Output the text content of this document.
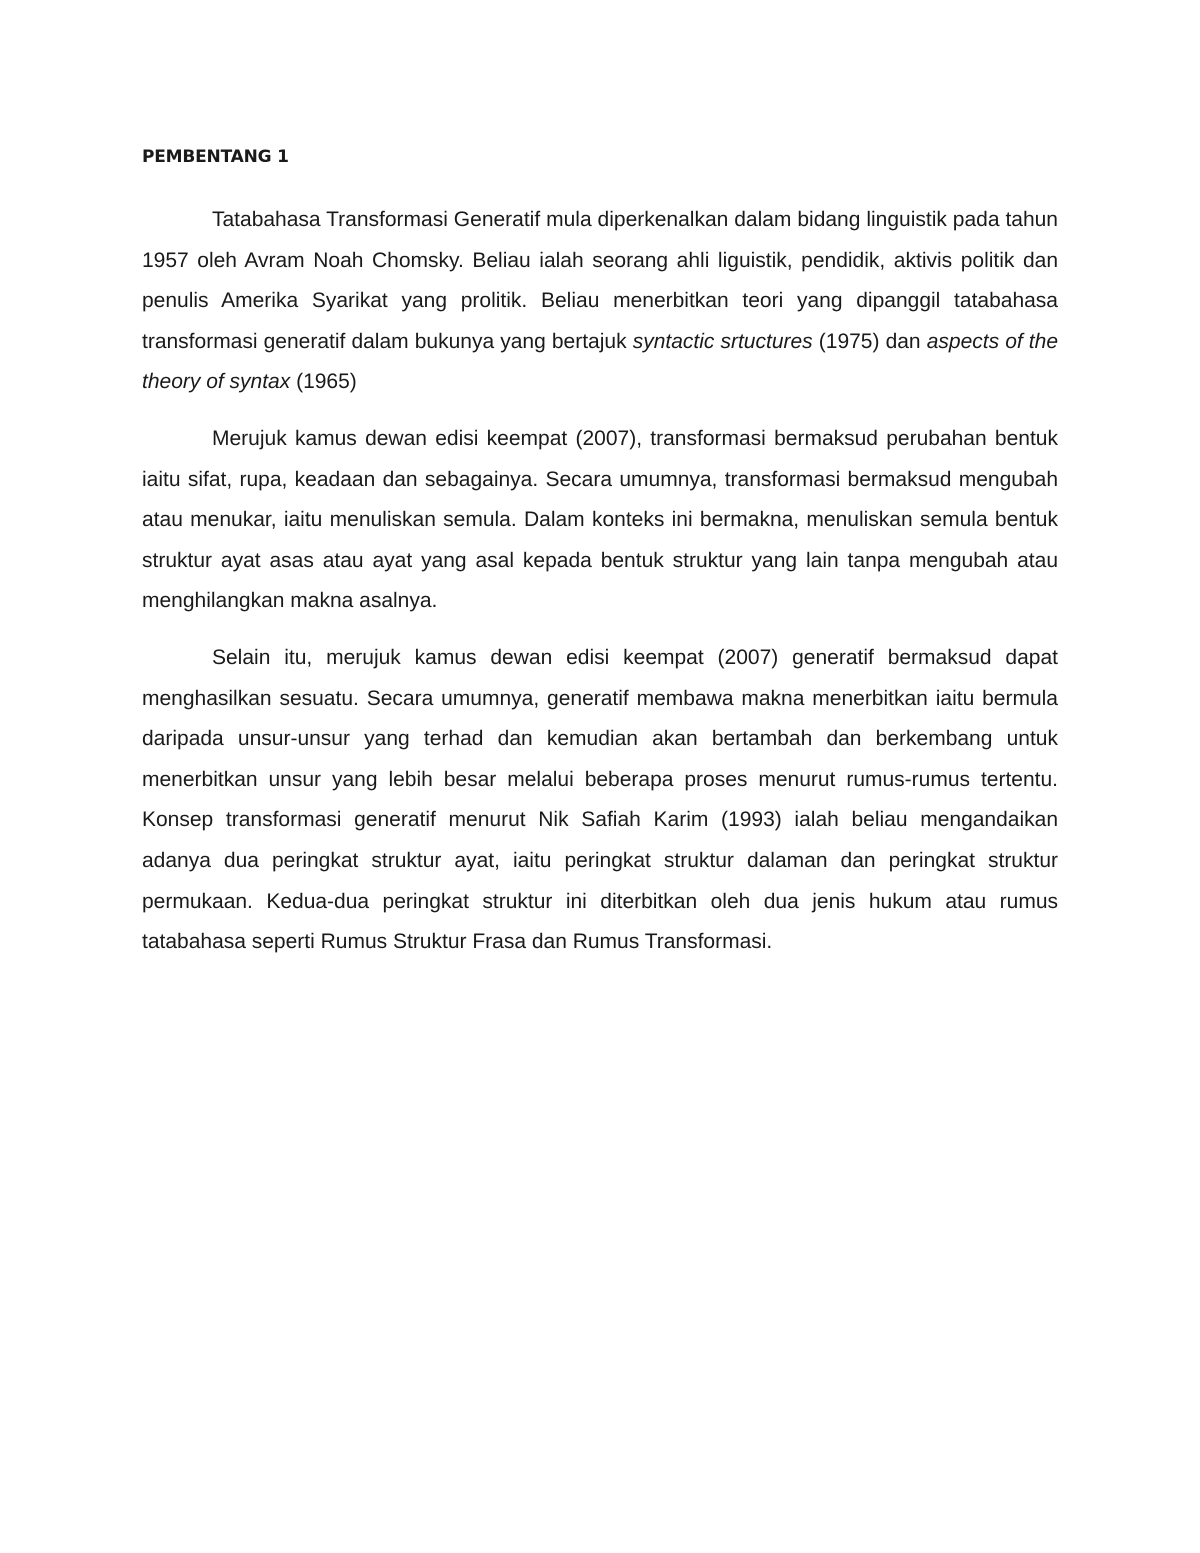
PEMBENTANG 1

Tatabahasa Transformasi Generatif mula diperkenalkan dalam bidang linguistik pada tahun 1957 oleh Avram Noah Chomsky. Beliau ialah seorang ahli liguistik, pendidik, aktivis politik dan penulis Amerika Syarikat yang prolitik. Beliau menerbitkan teori yang dipanggil tatabahasa transformasi generatif dalam bukunya yang bertajuk syntactic srtuctures (1975) dan aspects of the theory of syntax (1965)

Merujuk kamus dewan edisi keempat (2007), transformasi bermaksud perubahan bentuk iaitu sifat, rupa, keadaan dan sebagainya. Secara umumnya, transformasi bermaksud mengubah atau menukar, iaitu menuliskan semula. Dalam konteks ini bermakna, menuliskan semula bentuk struktur ayat asas atau ayat yang asal kepada bentuk struktur yang lain tanpa mengubah atau menghilangkan makna asalnya.

Selain itu, merujuk kamus dewan edisi keempat (2007) generatif bermaksud dapat menghasilkan sesuatu. Secara umumnya, generatif membawa makna menerbitkan iaitu bermula daripada unsur-unsur yang terhad dan kemudian akan bertambah dan berkembang untuk menerbitkan unsur yang lebih besar melalui beberapa proses menurut rumus-rumus tertentu. Konsep transformasi generatif menurut Nik Safiah Karim (1993) ialah beliau mengandaikan adanya dua peringkat struktur ayat, iaitu peringkat struktur dalaman dan peringkat struktur permukaan. Kedua-dua peringkat struktur ini diterbitkan oleh dua jenis hukum atau rumus tatabahasa seperti Rumus Struktur Frasa dan Rumus Transformasi.
